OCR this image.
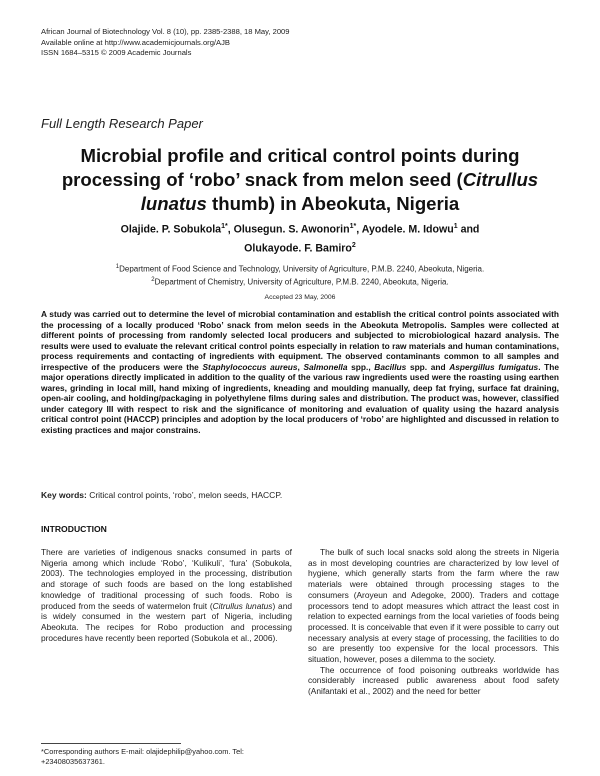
African Journal of Biotechnology Vol. 8 (10), pp. 2385-2388, 18 May, 2009
Available online at http://www.academicjournals.org/AJB
ISSN 1684–5315 © 2009 Academic Journals
Full Length Research Paper
Microbial profile and critical control points during processing of ‘robo’ snack from melon seed (Citrullus lunatus thumb) in Abeokuta, Nigeria
Olajide. P. Sobukola$^{1*}$, Olusegun. S. Awonorin$^{1*}$, Ayodele. M. Idowu$^1$ and
Olukayode. F. Bamiro$^2$
$^1$Department of Food Science and Technology, University of Agriculture, P.M.B. 2240, Abeokuta, Nigeria.
$^2$Department of Chemistry, University of Agriculture, P.M.B. 2240, Abeokuta, Nigeria.
Accepted 23 May, 2006

A study was carried out to determine the level of microbial contamination and establish the critical control points associated with the processing of a locally produced ‘Robo’ snack from melon seeds in the Abeokuta Metropolis. Samples were collected at different points of processing from randomly selected local producers and subjected to microbiological hazard analysis. The results were used to evaluate the relevant critical control points especially in relation to raw materials and human contaminations, process requirements and contacting of ingredients with equipment. The observed contaminants common to all samples and irrespective of the producers were the Staphylococcus aureus, Salmonella spp., Bacillus spp. and Aspergillus fumigatus. The major operations directly implicated in addition to the quality of the various raw ingredients used were the roasting using earthen wares, grinding in local mill, hand mixing of ingredients, kneading and moulding manually, deep fat frying, surface fat draining, open-air cooling, and holding/packaging in polyethylene films during sales and distribution. The product was, however, classified under category III with respect to risk and the significance of monitoring and evaluation of quality using the hazard analysis critical control point (HACCP) principles and adoption by the local producers of ‘robo’ are highlighted and discussed in relation to existing practices and major constrains.

Key words: Critical control points, ‘robo’, melon seeds, HACCP.
INTRODUCTION

There are varieties of indigenous snacks consumed in parts of Nigeria among which include ‘Robo’, ‘Kulikuli’, ‘fura’ (Sobukola, 2003). The technologies employed in the processing, distribution and storage of such foods are based on the long established knowledge of traditional processing of such foods. Robo is produced from the seeds of watermelon fruit (Citrullus lunatus) and is widely consumed in the western part of Nigeria, including Abeokuta. The recipes for Robo production and processing procedures have recently been reported (Sobukola et al., 2006).

The bulk of such local snacks sold along the streets in Nigeria as in most developing countries are characterized by low level of hygiene, which generally starts from the farm where the raw materials were obtained through processing stages to the consumers (Aroyeun and Adegoke, 2000). Traders and cottage processors tend to adopt measures which attract the least cost in relation to expected earnings from the local varieties of foods being processed. It is conceivable that even if it were possible to carry out necessary analysis at every stage of processing, the facilities to do so are presently too expensive for the local processors. This situation, however, poses a dilemma to the society.

The occurrence of food poisoning outbreaks worldwide has considerably increased public awareness about food safety (Anifantaki et al., 2002) and the need for better

*Corresponding authors E-mail: olajidephilip@yahoo.com. Tel: +23408035637361.
